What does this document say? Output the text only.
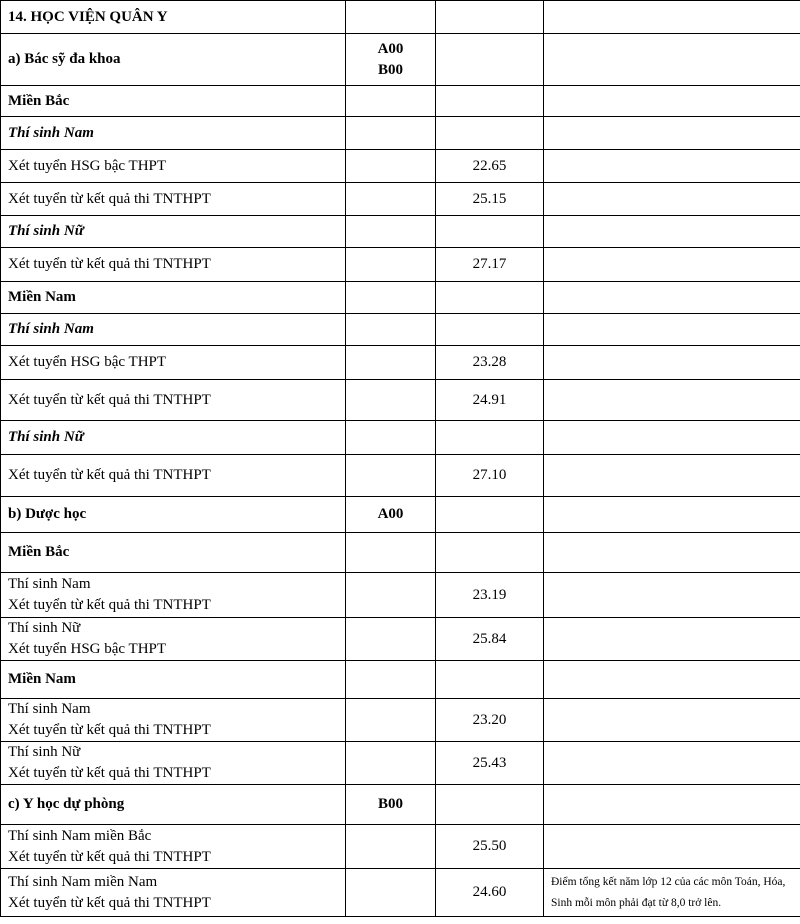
14. HỌC VIỆN QUÂN Y			
a) Bác sỹ đa khoa	A00
B00		

Miền Bắc			
Thí sinh Nam			
Xét tuyển HSG bậc THPT		22.65	
Xét tuyển từ kết quả thi TNTHPT		25.15	
Thí sinh Nữ			
Xét tuyển từ kết quả thi TNTHPT		27.17	
Miền Nam			
Thí sinh Nam			
Xét tuyển HSG bậc THPT		23.28	
Xét tuyển từ kết quả thi TNTHPT		24.91	
Thí sinh Nữ			
Xét tuyển từ kết quả thi TNTHPT		27.10	
b) Dược học	A00		
Miền Bắc			

Thí sinh Nam
Xét tuyển từ kết quả thi TNTHPT		23.19	

Thí sinh Nữ
Xét tuyển HSG bậc THPT		25.84	
Miền Nam			

Thí sinh Nam
Xét tuyển từ kết quả thi TNTHPT		23.20	

Thí sinh Nữ
Xét tuyển từ kết quả thi TNTHPT		25.43	
c) Y học dự phòng	B00		

Thí sinh Nam miền Bắc
Xét tuyển từ kết quả thi TNTHPT		25.50	

Thí sinh Nam miền Nam
Xét tuyển từ kết quả thi TNTHPT		24.60	Điểm tổng kết năm lớp 12 của các môn Toán, Hóa, Sinh mỗi môn phải đạt từ 8,0 trở lên.
